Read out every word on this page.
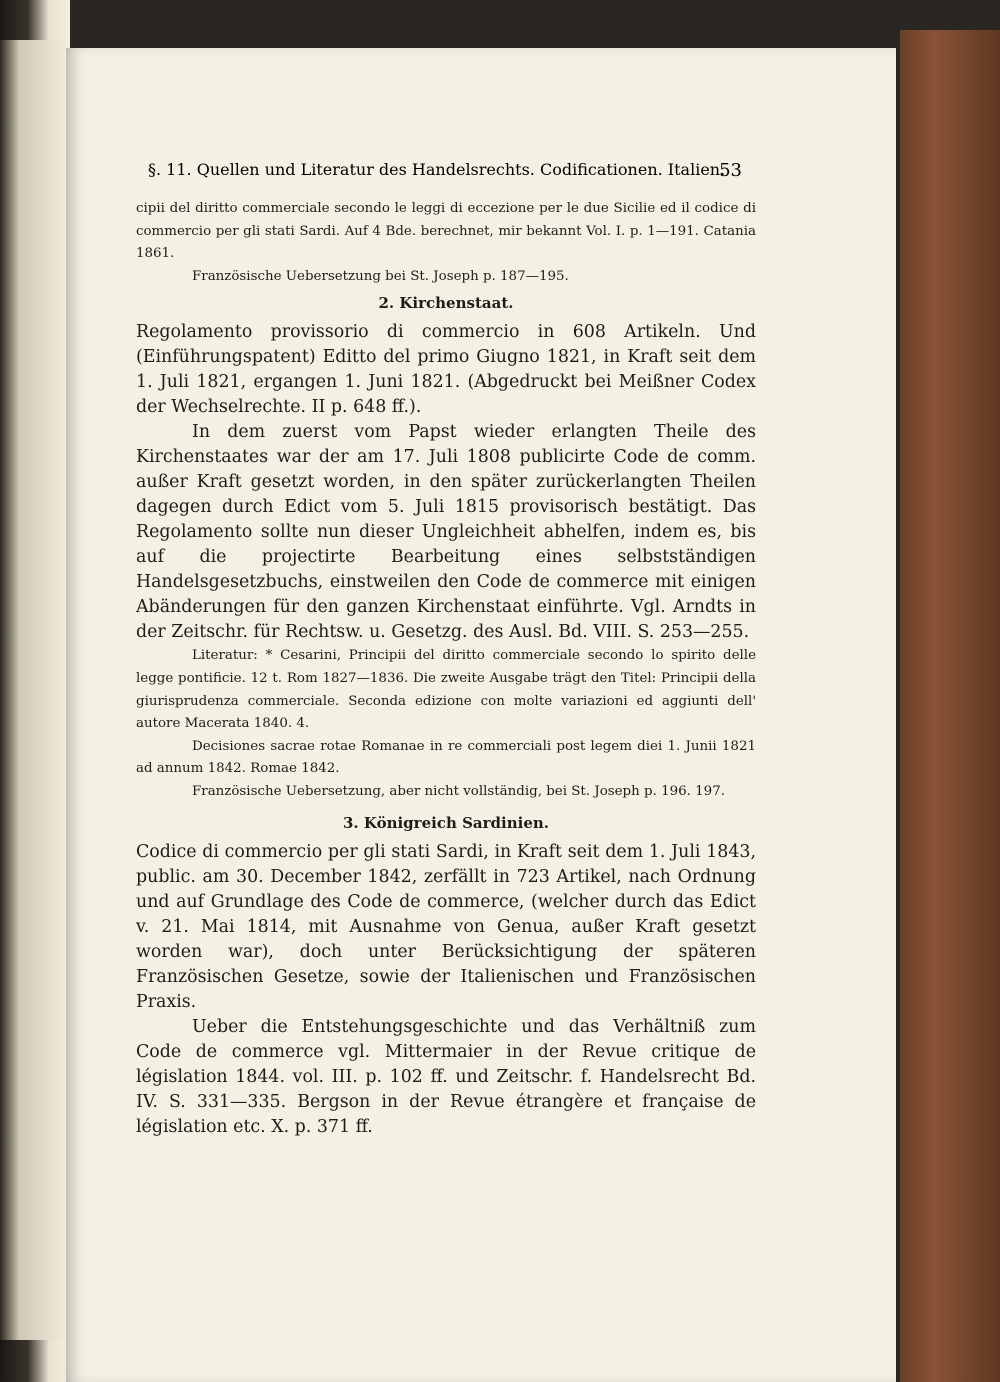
§. 11. Quellen und Literatur des Handelsrechts. Codificationen. Italien.
53

cipii del diritto commerciale secondo le leggi di eccezione per le due Sicilie ed il codice di commercio per gli stati Sardi. Auf 4 Bde. berechnet, mir bekannt Vol. I. p. 1—191. Catania 1861.

Französische Uebersetzung bei St. Joseph p. 187—195.

2. Kirchenstaat.

Regolamento provissorio di commercio in 608 Artikeln. Und (Einführungspatent) Editto del primo Giugno 1821, in Kraft seit dem 1. Juli 1821, ergangen 1. Juni 1821. (Abgedruckt bei Meißner Codex der Wechselrechte. II p. 648 ff.).

In dem zuerst vom Papst wieder erlangten Theile des Kirchenstaates war der am 17. Juli 1808 publicirte Code de comm. außer Kraft gesetzt worden, in den später zurückerlangten Theilen dagegen durch Edict vom 5. Juli 1815 provisorisch bestätigt. Das Regolamento sollte nun dieser Ungleichheit abhelfen, indem es, bis auf die projectirte Bearbeitung eines selbstständigen Handelsgesetzbuchs, einstweilen den Code de commerce mit einigen Abänderungen für den ganzen Kirchenstaat einführte. Vgl. Arndts in der Zeitschr. für Rechtsw. u. Gesetzg. des Ausl. Bd. VIII. S. 253—255.

Literatur: * Cesarini, Principii del diritto commerciale secondo lo spirito delle legge pontificie. 12 t. Rom 1827—1836. Die zweite Ausgabe trägt den Titel: Principii della giurisprudenza commerciale. Seconda edizione con molte variazioni ed aggiunti dell' autore Macerata 1840. 4.

Decisiones sacrae rotae Romanae in re commerciali post legem diei 1. Junii 1821 ad annum 1842. Romae 1842.

Französische Uebersetzung, aber nicht vollständig, bei St. Joseph p. 196. 197.

3. Königreich Sardinien.

Codice di commercio per gli stati Sardi, in Kraft seit dem 1. Juli 1843, public. am 30. December 1842, zerfällt in 723 Artikel, nach Ordnung und auf Grundlage des Code de commerce, (welcher durch das Edict v. 21. Mai 1814, mit Ausnahme von Genua, außer Kraft gesetzt worden war), doch unter Berücksichtigung der späteren Französischen Gesetze, sowie der Italienischen und Französischen Praxis.

Ueber die Entstehungsgeschichte und das Verhältniß zum Code de commerce vgl. Mittermaier in der Revue critique de législation 1844. vol. III. p. 102 ff. und Zeitschr. f. Handelsrecht Bd. IV. S. 331—335. Bergson in der Revue étrangère et française de législation etc. X. p. 371 ff.
